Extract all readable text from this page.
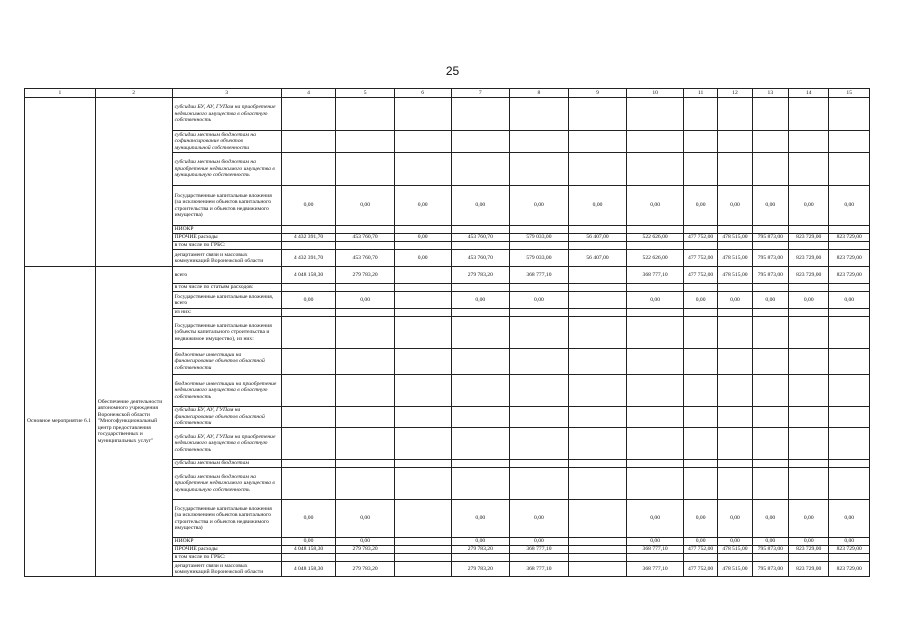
25
1	2	3	4	5	6	7	8	9	10	11	12	13	14	15
		субсидии БУ, АУ, ГУПам на приобретение недвижимого имущества в областную собственность												
		субсидии местным бюджетам на софинансирование объектов муниципальной собственности												
		субсидии местным бюджетам на приобретение недвижимого имущества в муниципальную собственность												
		Государственные капитальные вложения (за исключением объектов капитального строительства и объектов недвижимого имущества)	0,00	0,00	0,00	0,00	0,00	0,00	0,00	0,00	0,00	0,00	0,00	0,00
		НИОКР												
		ПРОЧИЕ расходы	4 432 391,70	453 760,70	0,00	453 760,70	579 033,00	56 407,00	522 626,00	477 752,00	478 515,00	795 873,00	823 729,00	823 729,00
		в том числе по ГРБС:												
		департамент связи и массовых коммуникаций Воронежской области	4 432 391,70	453 760,70	0,00	453 760,70	579 033,00	56 407,00	522 626,00	477 752,00	478 515,00	795 873,00	823 729,00	823 729,00
Основное мероприятие 6.1	Обеспечение деятельности автономного учреждения Воронежской области "Многофункциональный центр предоставления государственных и муниципальных услуг"	всего	4 048 158,30	279 783,20		279 783,20	368 777,10		368 777,10	477 752,00	478 515,00	795 873,00	823 729,00	823 729,00
		в том числе по статьям расходов:												
		Государственные капитальные вложения, всего	0,00	0,00		0,00	0,00		0,00	0,00	0,00	0,00	0,00	0,00
		из них:												
		Государственные капитальные вложения (объекты капитального строительства и недвижимое имущество), из них:												
		бюджетные инвестиции на финансирование объектов областной собственности												
		бюджетные инвестиции на приобретение недвижимого имущества в областную собственность												
		субсидии БУ, АУ, ГУПам на финансирование объектов областной собственности												
		субсидии БУ, АУ, ГУПам на приобретение недвижимого имущества в областную собственность												
		субсидии местным бюджетам												
		субсидии местным бюджетам на приобретение недвижимого имущества в муниципальную собственность												
		Государственные капитальные вложения (за исключением объектов капитального строительства и объектов недвижимого имущества)	0,00	0,00		0,00	0,00		0,00	0,00	0,00	0,00	0,00	0,00
		НИОКР	0,00	0,00		0,00	0,00		0,00	0,00	0,00	0,00	0,00	0,00
		ПРОЧИЕ расходы	4 048 158,30	279 783,20		279 783,20	368 777,10		368 777,10	477 752,00	478 515,00	795 873,00	823 729,00	823 729,00
		в том числе по ГРБС:												
		департамент связи и массовых коммуникаций Воронежской области	4 048 158,30	279 783,20		279 783,20	368 777,10		368 777,10	477 752,00	478 515,00	795 873,00	823 729,00	823 729,00
